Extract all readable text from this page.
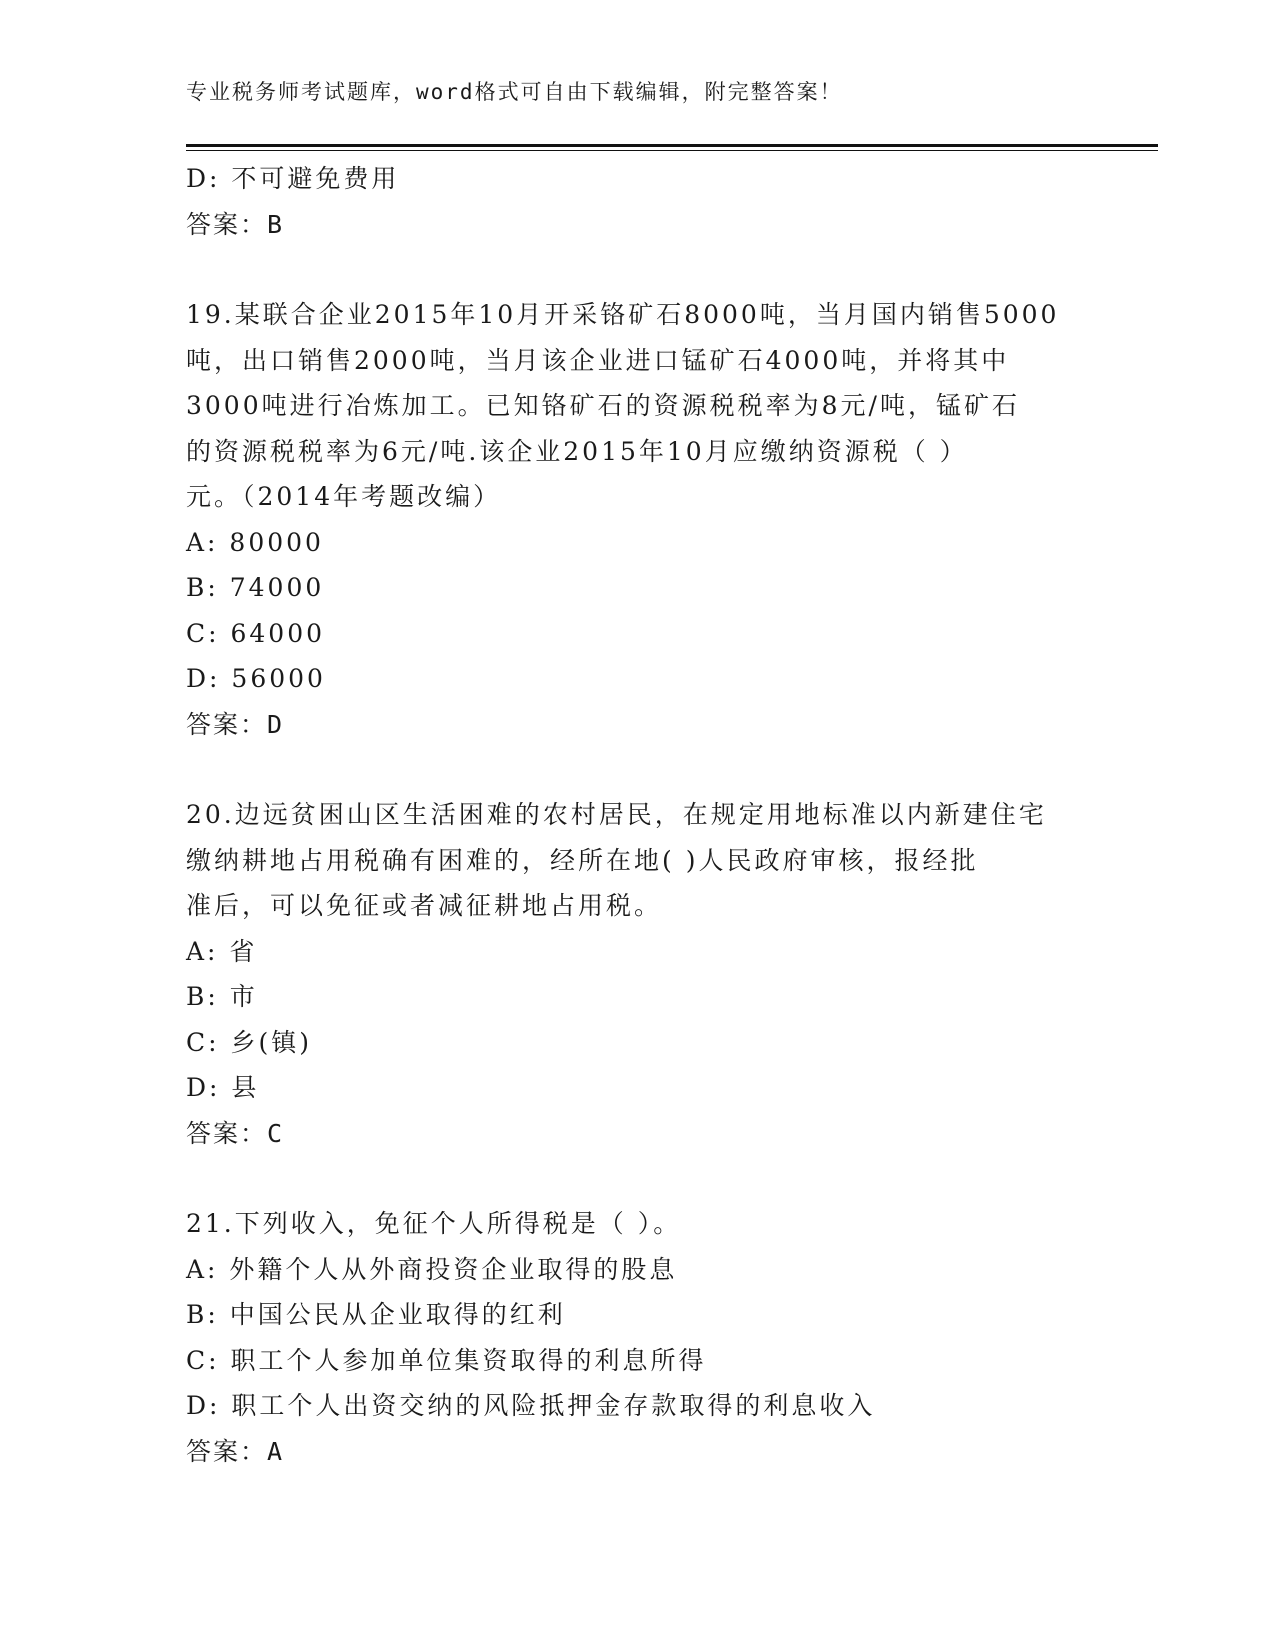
专业税务师考试题库，word格式可自由下载编辑，附完整答案！
D: 不可避免费用
答案：B
19.某联合企业2015年10月开采铬矿石8000吨，当月国内销售5000
吨，出口销售2000吨，当月该企业进口锰矿石4000吨，并将其中
3000吨进行冶炼加工。已知铬矿石的资源税税率为8元/吨，锰矿石
的资源税税率为6元/吨.该企业2015年10月应缴纳资源税（ ）
元。（2014年考题改编）
A: 80000
B: 74000
C: 64000
D: 56000
答案：D
20.边远贫困山区生活困难的农村居民，在规定用地标准以内新建住宅
缴纳耕地占用税确有困难的，经所在地( )人民政府审核，报经批
准后，可以免征或者减征耕地占用税。
A: 省
B: 市
C: 乡(镇)
D: 县
答案：C
21.下列收入，免征个人所得税是（ ）。
A: 外籍个人从外商投资企业取得的股息
B: 中国公民从企业取得的红利
C: 职工个人参加单位集资取得的利息所得
D: 职工个人出资交纳的风险抵押金存款取得的利息收入
答案：A
